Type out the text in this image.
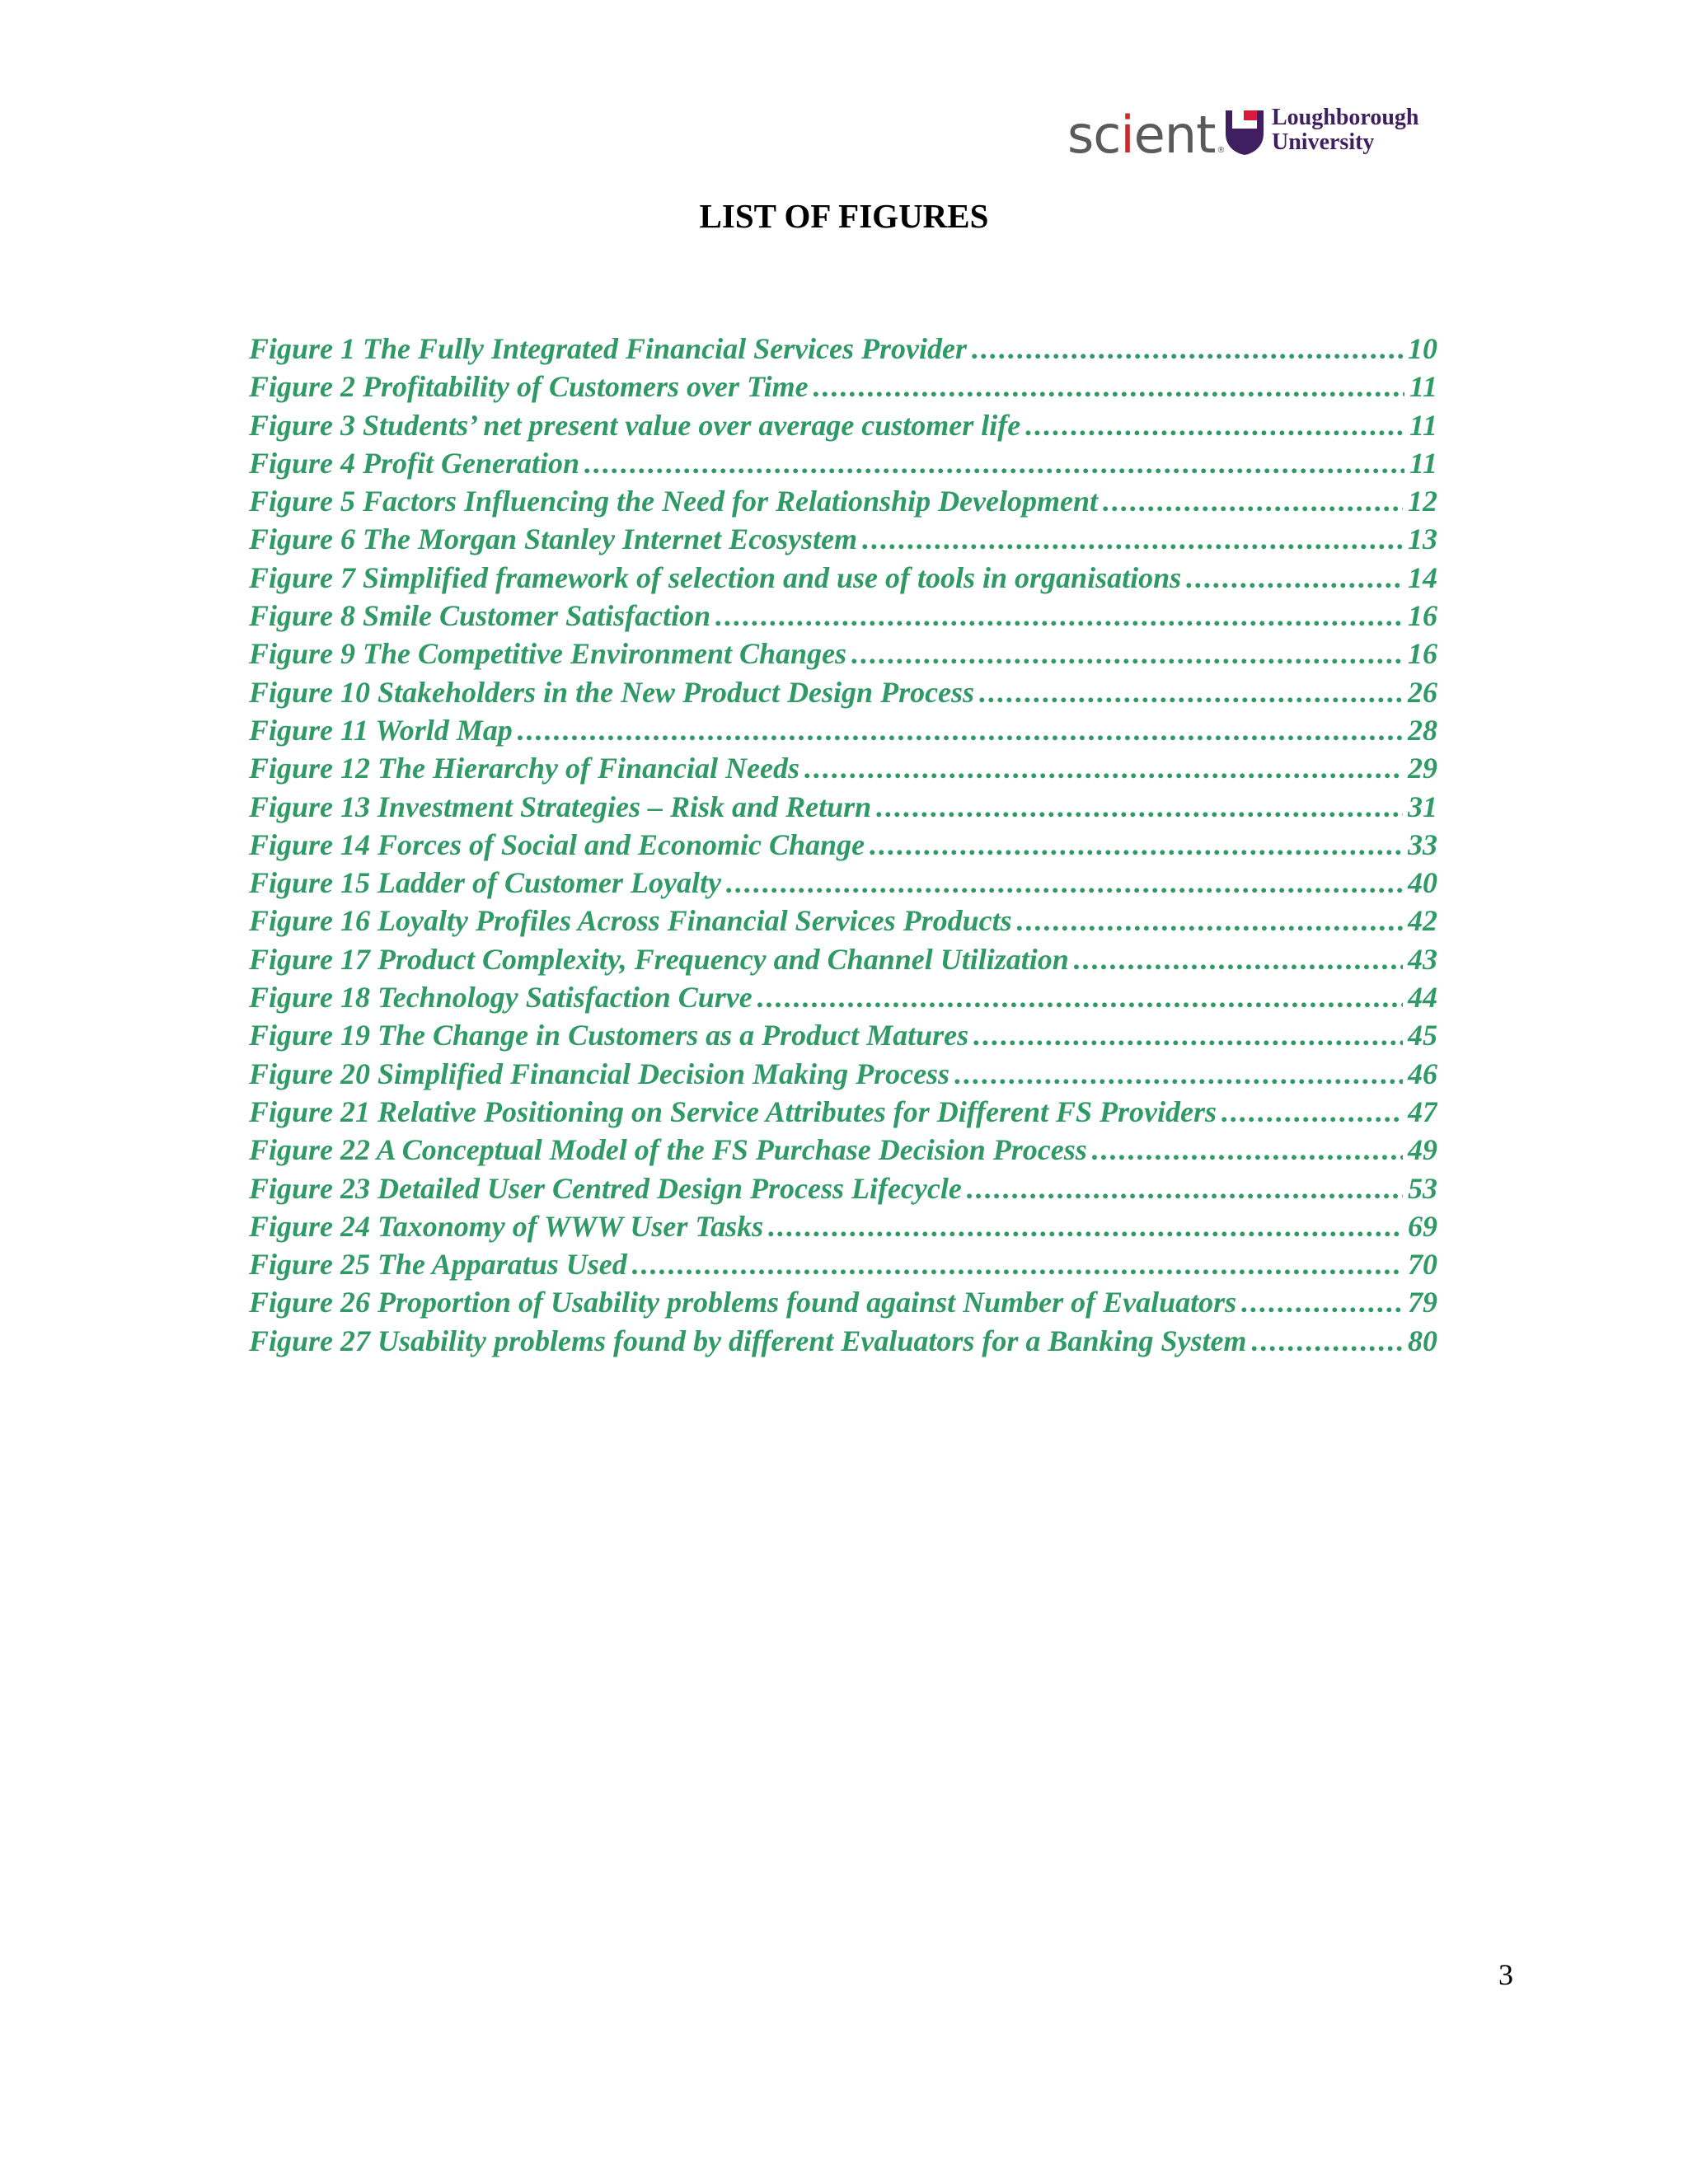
scient ®
Loughborough
University
LIST OF FIGURES
Figure 1 The Fully Integrated Financial Services Provider .....	10
Figure 2 Profitability of Customers over Time .....	11
Figure 3 Students’ net present value over average customer life .....	11
Figure 4 Profit Generation .....	11
Figure 5 Factors Influencing the Need for Relationship Development .....	12
Figure 6 The Morgan Stanley Internet Ecosystem .....	13
Figure 7 Simplified framework of selection and use of tools in organisations .....	14
Figure 8 Smile Customer Satisfaction .....	16
Figure 9 The Competitive Environment Changes .....	16
Figure 10 Stakeholders in the New Product Design Process .....	26
Figure 11 World Map .....	28
Figure 12 The Hierarchy of Financial Needs .....	29
Figure 13 Investment Strategies – Risk and Return .....	31
Figure 14 Forces of Social and Economic Change .....	33
Figure 15 Ladder of Customer Loyalty .....	40
Figure 16 Loyalty Profiles Across Financial Services Products .....	42
Figure 17 Product Complexity, Frequency and Channel Utilization .....	43
Figure 18 Technology Satisfaction Curve .....	44
Figure 19 The Change in Customers as a Product Matures .....	45
Figure 20 Simplified Financial Decision Making Process .....	46
Figure 21 Relative Positioning on Service Attributes for Different FS Providers .....	47
Figure 22 A Conceptual Model of the FS Purchase Decision Process .....	49
Figure 23 Detailed User Centred Design Process Lifecycle .....	53
Figure 24 Taxonomy of WWW User Tasks .....	69
Figure 25 The Apparatus Used .....	70
Figure 26 Proportion of Usability problems found against Number of Evaluators .....	79
Figure 27 Usability problems found by different Evaluators for a Banking System .....	80
3
